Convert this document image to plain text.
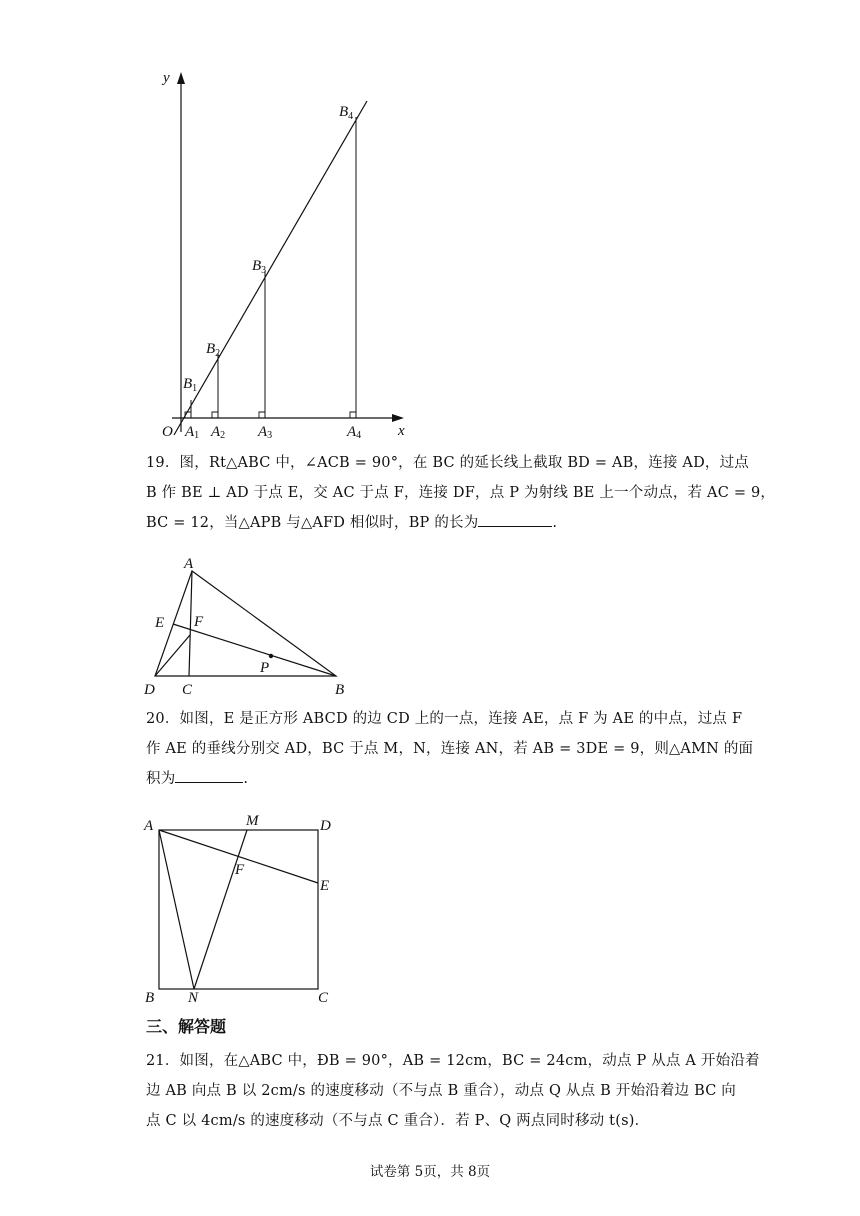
y
x
O
$B_1$
$B_2$
$B_3$
$B_4$
A1 A2 A3	A4
19．图，Rt△ABC 中，∠ACB = 90°，在 BC 的延长线上截取 BD = AB，连接 AD，过点
B 作 BE ⊥ AD 于点 E，交 AC 于点 F，连接 DF，点 P 为射线 BE 上一个动点，若 AC = 9，
BC = 12，当△APB 与△AFD 相似时，BP 的长为	.
A
E F
P
D C	B
20．如图，E 是正方形 ABCD 的边 CD 上的一点，连接 AE，点 F 为 AE 的中点，过点 F
作 AE 的垂线分别交 AD，BC 于点 M，N，连接 AN，若 AB = 3DE = 9，则△AMN 的面
积为	.
A	M	D
F
E
B N	C
三、解答题
21．如图，在△ABC 中，ÐB = 90°，AB = 12cm，BC = 24cm，动点 P 从点 A 开始沿着
边 AB 向点 B 以 2cm/s 的速度移动（不与点 B 重合），动点 Q 从点 B 开始沿着边 BC 向
点 C 以 4cm/s 的速度移动（不与点 C 重合）．若 P、Q 两点同时移动 t(s)．
试卷第 5页，共 8页
